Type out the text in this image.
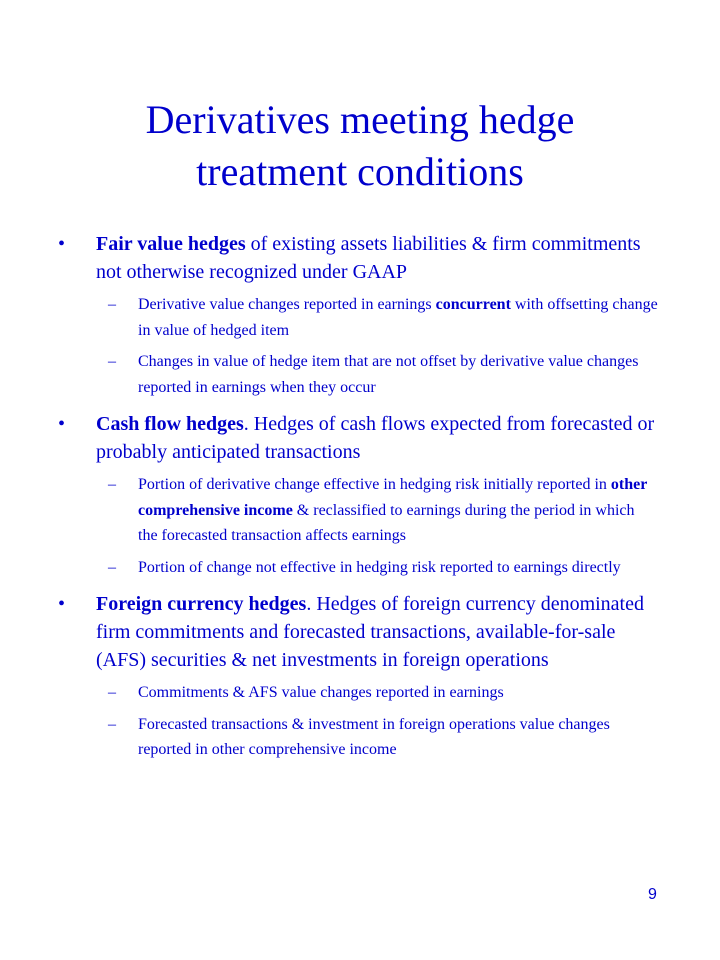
Derivatives meeting hedge
treatment conditions
•	Fair value hedges of existing assets liabilities & firm commitments not otherwise recognized under GAAP
– Derivative value changes reported in earnings concurrent with offsetting change in value of hedged item
– Changes in value of hedge item that are not offset by derivative value changes reported in earnings when they occur
•	Cash flow hedges. Hedges of cash flows expected from forecasted or probably anticipated transactions
– Portion of derivative change effective in hedging risk initially reported in other comprehensive income & reclassified to earnings during the period in which the forecasted transaction affects earnings
– Portion of change not effective in hedging risk reported to earnings directly
•	Foreign currency hedges. Hedges of foreign currency denominated firm commitments and forecasted transactions, available-for-sale (AFS) securities & net investments in foreign operations
– Commitments & AFS value changes reported in earnings
– Forecasted transactions & investment in foreign operations value changes reported in other comprehensive income
9
